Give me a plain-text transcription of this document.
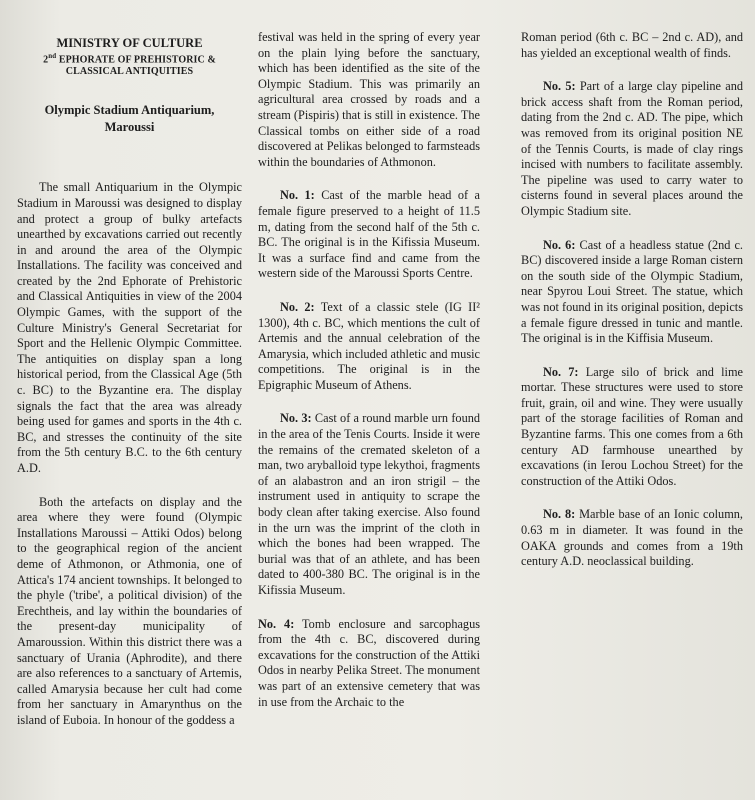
MINISTRY OF CULTURE
2nd EPHORATE OF PREHISTORIC &
CLASSICAL ANTIQUITIES
Olympic Stadium Antiquarium,
Maroussi

The small Antiquarium in the Olympic Stadium in Maroussi was designed to display and protect a group of bulky artefacts unearthed by excavations carried out recently in and around the area of the Olympic Installations. The facility was conceived and created by the 2nd Ephorate of Prehistoric and Classical Antiquities in view of the 2004 Olympic Games, with the support of the Culture Ministry's General Secretariat for Sport and the Hellenic Olympic Committee. The antiquities on display span a long historical period, from the Classical Age (5th c. BC) to the Byzantine era. The display signals the fact that the area was already being used for games and sports in the 4th c. BC, and stresses the continuity of the site from the 5th century B.C. to the 6th century A.D.

Both the artefacts on display and the area where they were found (Olympic Installations Maroussi – Attiki Odos) belong to the geographical region of the ancient deme of Athmonon, or Athmonia, one of Attica's 174 ancient townships. It belonged to the phyle ('tribe', a political division) of the Erechtheis, and lay within the boundaries of the present-day municipality of Amaroussion. Within this district there was a sanctuary of Urania (Aphrodite), and there are also references to a sanctuary of Artemis, called Amarysia because her cult had come from her sanctuary in Amarynthus on the island of Euboia. In honour of the goddess a

festival was held in the spring of every year on the plain lying before the sanctuary, which has been identified as the site of the Olympic Stadium. This was primarily an agricultural area crossed by roads and a stream (Pispiris) that is still in existence. The Classical tombs on either side of a road discovered at Pelikas belonged to farmsteads within the boundaries of Athmonon.

No. 1: Cast of the marble head of a female figure preserved to a height of 11.5 m, dating from the second half of the 5th c. BC. The original is in the Kifissia Museum. It was a surface find and came from the western side of the Maroussi Sports Centre.

No. 2: Text of a classic stele (IG II² 1300), 4th c. BC, which mentions the cult of Artemis and the annual celebration of the Amarysia, which included athletic and music competitions. The original is in the Epigraphic Museum of Athens.

No. 3: Cast of a round marble urn found in the area of the Tenis Courts. Inside it were the remains of the cremated skeleton of a man, two aryballoid type lekythoi, fragments of an alabastron and an iron strigil – the instrument used in antiquity to scrape the body clean after taking exercise. Also found in the urn was the imprint of the cloth in which the bones had been wrapped. The burial was that of an athlete, and has been dated to 400-380 BC. The original is in the Kifissia Museum.

No. 4: Tomb enclosure and sarcophagus from the 4th c. BC, discovered during excavations for the construction of the Attiki Odos in nearby Pelika Street. The monument was part of an extensive cemetery that was in use from the Archaic to the

Roman period (6th c. BC – 2nd c. AD), and has yielded an exceptional wealth of finds.

No. 5: Part of a large clay pipeline and brick access shaft from the Roman period, dating from the 2nd c. AD. The pipe, which was removed from its original position NE of the Tennis Courts, is made of clay rings incised with numbers to facilitate assembly. The pipeline was used to carry water to cisterns found in several places around the Olympic Stadium site.

No. 6: Cast of a headless statue (2nd c. BC) discovered inside a large Roman cistern on the south side of the Olympic Stadium, near Spyrou Loui Street. The statue, which was not found in its original position, depicts a female figure dressed in tunic and mantle. The original is in the Kiffisia Museum.

No. 7: Large silo of brick and lime mortar. These structures were used to store fruit, grain, oil and wine. They were usually part of the storage facilities of Roman and Byzantine farms. This one comes from a 6th century AD farmhouse unearthed by excavations (in Ierou Lochou Street) for the construction of the Attiki Odos.

No. 8: Marble base of an Ionic column, 0.63 m in diameter. It was found in the OAKA grounds and comes from a 19th century A.D. neoclassical building.
